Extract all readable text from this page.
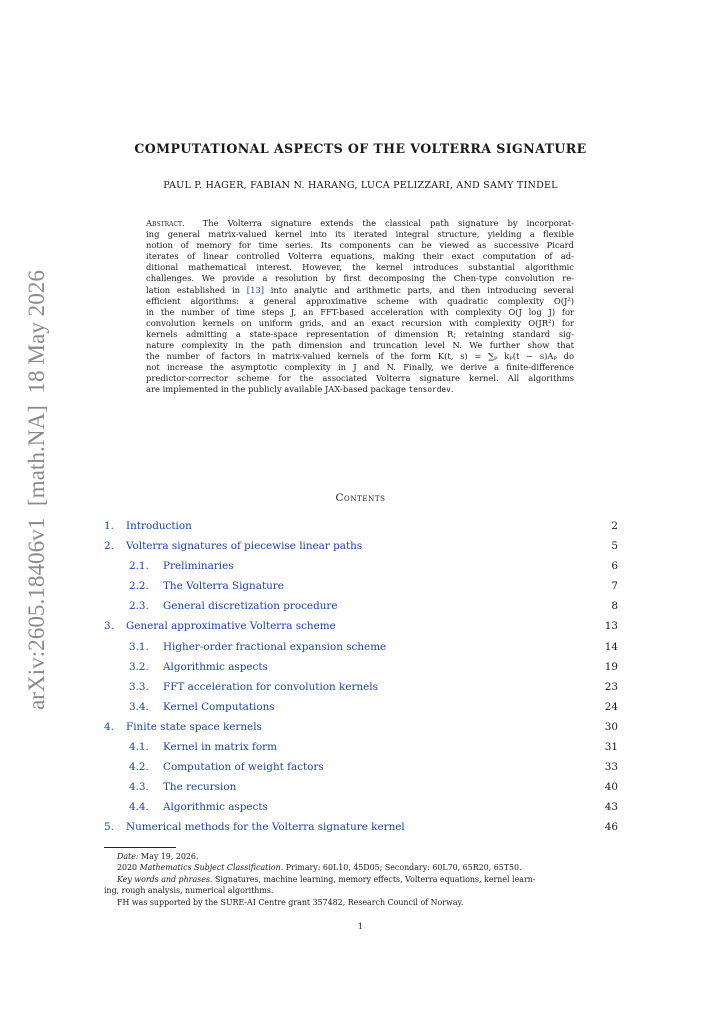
arXiv:2605.18406v1  [math.NA]  18 May 2026
COMPUTATIONAL ASPECTS OF THE VOLTERRA SIGNATURE
PAUL P. HAGER, FABIAN N. HARANG, LUCA PELIZZARI, AND SAMY TINDEL
Abstract. The Volterra signature extends the classical path signature by incorporat-
ing general matrix-valued kernel into its iterated integral structure, yielding a flexible
notion of memory for time series. Its components can be viewed as successive Picard
iterates of linear controlled Volterra equations, making their exact computation of ad-
ditional mathematical interest. However, the kernel introduces substantial algorithmic
challenges. We provide a resolution by first decomposing the Chen-type convolution re-
lation established in [13] into analytic and arithmetic parts, and then introducing several
efficient algorithms: a general approximative scheme with quadratic complexity O(J²)
in the number of time steps J, an FFT-based acceleration with complexity O(J log J) for
convolution kernels on uniform grids, and an exact recursion with complexity O(JR²) for
kernels admitting a state-space representation of dimension R; retaining standard sig-
nature complexity in the path dimension and truncation level N. We further show that
the number of factors in matrix-valued kernels of the form K(t, s) = ∑ₚ kₚ(t − s)Aₚ do
not increase the asymptotic complexity in J and N. Finally, we derive a finite-difference
predictor-corrector scheme for the associated Volterra signature kernel. All algorithms
are implemented in the publicly available JAX-based package tensordev.
Contents
1. Introduction	2
2. Volterra signatures of piecewise linear paths	5
2.1. Preliminaries	6
2.2. The Volterra Signature	7
2.3. General discretization procedure	8
3. General approximative Volterra scheme	13
3.1. Higher-order fractional expansion scheme	14
3.2. Algorithmic aspects	19
3.3. FFT acceleration for convolution kernels	23
3.4. Kernel Computations	24
4. Finite state space kernels	30
4.1. Kernel in matrix form	31
4.2. Computation of weight factors	33
4.3. The recursion	40
4.4. Algorithmic aspects	43
5. Numerical methods for the Volterra signature kernel	46
Date: May 19, 2026.
2020 Mathematics Subject Classification. Primary: 60L10, 45D05; Secondary: 60L70, 65R20, 65T50.
Key words and phrases. Signatures, machine learning, memory effects, Volterra equations, kernel learn-
ing, rough analysis, numerical algorithms.
FH was supported by the SURE-AI Centre grant 357482, Research Council of Norway.
1
